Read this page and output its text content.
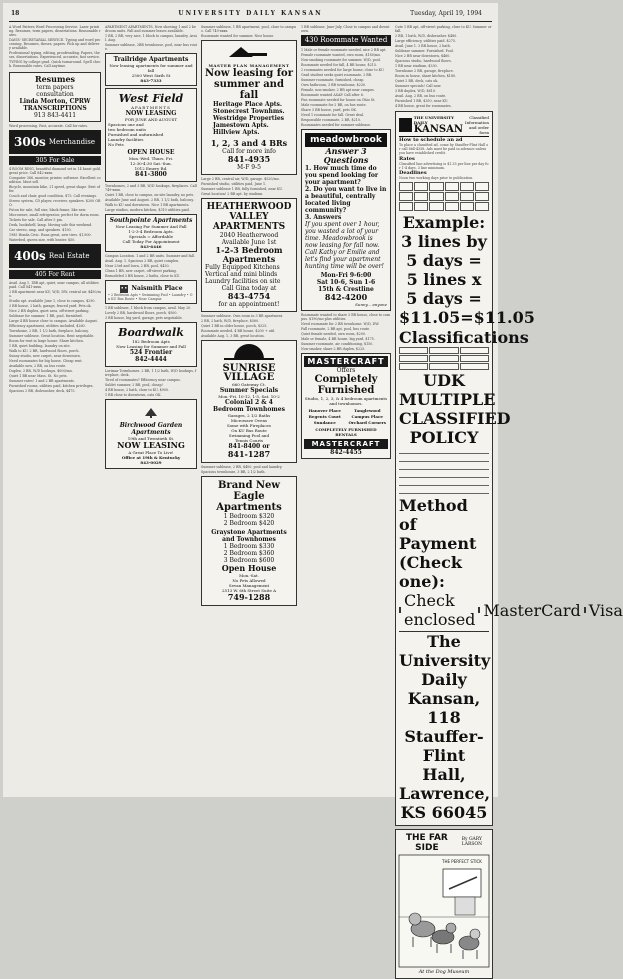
18	UNIVERSITY DAILY KANSAN	Tuesday, April 19, 1994

A Word Pattern Word Processing Service. Laser printing. Resumes, term papers, dissertations. Reasonable rates.

DAVIS' SECRETARIAL SERVICE. Typing and word processing. Resumes, theses, papers. Pick up and delivery available.

Professional typing, editing, proofreading. Papers, theses, dissertations. Experienced, accurate, fast service.

TYPING by college grad. Quick turnaround. Spell check. Reasonable rates. Call anytime.

Resumes
term papers
consultation
Linda Morton, CPRW
TRANSCRIPTIONS
913 843-4411

Word processing. Fast, accurate. Call for rates.

300s Merchandise
305 For Sale

4 ROOM RING, beautiful diamond set in 14 karat gold, great price. Call 842-xxxx.

Computer 386, monitor, printer, software. Excellent condition. Must sell.

Bicycle, mountain bike, 21 speed, great shape. Best offer.

Couch and chair, good condition, $75. Call evenings.

Stereo system, CD player, receiver, speakers. $200 OBO.

Futon for sale, full size, black frame, like new.

Microwave, small refrigerator, perfect for dorm room.

Tickets for sale. Call after 5 pm.

Desk, bookshelf, lamp. Moving sale this weekend.

Car stereo, amp, and speakers. $150.

1985 Honda Civic. Runs great, new tires. $1,800.

Waterbed, queen size, with heater. $50.

400s Real Estate
405 For Rent

Avail. Aug 1. 1BR apt, quiet, near campus, all utilities paid. Call 841-xxxx.

2 BR apartment near KU, W/D, DW, central air. $450/mo.

Studio apt. available June 1, close to campus, $290.

3 BR house, 2 bath, garage, fenced yard. Pets ok.

Nice 2 BR duplex, quiet area, off-street parking.

Sublease for summer, 1 BR, pool, furnished.

Large 4 BR house close to campus. Available August.

Efficiency apartment, utilities included, $260.

Townhome, 2 BR, 1 1/2 bath, fireplace, balcony.

Summer sublease. Great location. Rent negotiable.

Room for rent in large house. Share kitchen.

1 BR, quiet building, laundry on site.

Walk to KU. 2 BR, hardwood floors, porch.

Sunny studio, new carpet, near downtown.

Need roommates for big house. Cheap rent.

Available now, 2 BR, on bus route.

Duplex, 3 BR, W/D hookups, $600/mo.

Quiet 1 BR near Mass. St. No pets.

Summer rates! 1 and 2 BR apartments.

Furnished rooms, utilities paid, kitchen privileges.

Spacious 2 BR, dishwasher, deck, $475.

APARTMENT APARTMENTS. Now showing 1 and 2 bedroom units. Fall and summer leases available.

1 BR, 2 BR, very nice, 1 block to campus, laundry. Avail. Aug.

Summer sublease, 2BR townhouse, pool, near bus route.

Trailridge Apartments
Now leasing apartments for summer and fall
2500 West Sixth St
843-7333
West Field
APARTMENTS
NOW LEASING
FOR JUNE AND AUGUST
Spacious one and
two bedroom units
Furnished and unfurnished
Laundry facilities
No Pets
OPEN HOUSE
Mon.-Wed. Thurs. Fri.
12:30-4:30 Sat.-Sun.
1012 Emery Rd.
841-3800

Townhomes, 2 and 3 BR, W/D hookups, fireplaces. Call 749-xxxx.

Quiet 1 BR, close to campus, on-site laundry, no pets.

Available June and August. 2 BR, 1 1/2 bath, balcony.

Walk to KU and downtown. Nice 1 BR apartments.

Large studios, modern kitchen, $310 utilities paid.

Southpointe Apartments
Now Leasing For Summer And Fall
1-2-3-4 Bedroom Apts.
Specials = Affordable
Call Today For Appointment
843-6446

Campus Location. 1 and 2 BR units. Summer and fall.

Avail. Aug. 1. Spacious 2 BR, quiet complex.

Near 23rd and Iowa, 2 BR, pool, $430.

Clean 1 BR, new carpet, off-street parking.

Remodeled 3 BR house, 2 baths, close to KU.

Naismith Place
• 2 Bedroom Apts • Swimming Pool • Laundry • On KU Bus Route • Near Campus

1 BR sublease, 1 block from campus, avail. May 20.

Lovely 2 BR, hardwood floors, porch. $500.

3 BR house, big yard, garage, pets negotiable.

Boardwalk
182 Bedroom Apts
Now Leasing for Summer and Fall
524 Frontier
842-4444

Lorimar Townhomes. 2 BR, 1 1/2 bath, W/D hookups, fireplace, deck.

Tired of roommates? Efficiency near campus.

Sublet summer, 2 BR, pool, cheap!

4 BR house, 2 bath, close to KU, $900.

1 BR close to downtown, cats OK.

Birchwood Garden Apartments
19th and Twentieth St.
NOW LEASING
A Great Place To Live!
Office at 19th & Kentucky
843-0029

Summer sublease, 1 BR apartment, pool, close to campus. Call 749-xxxx.

Roommate wanted for summer. Nice house.

MASTER PLAN MANAGEMENT
Now leasing for summer and fall
Heritage Place Apts.
Stonecrest Townhms.
Westridge Properties
Jamestown Apts.
Hillview Apts.
1, 2, 3 and 4 BRs
Call for more info
841-4935
M-F 9-5

Large 2 BR, central air, W/D, garage. $520/mo.

Furnished studio, utilities paid, June 1.

Summer sublease 1 BR, fully furnished, near KU.

Great location! 2 BR apt. by stadium.

HEATHERWOOD VALLEY APARTMENTS
2040 Heatherwood
Available June 1st
1-2-3 Bedroom
Apartments
Fully Equipped Kitchens
Vertical and mini blinds
Laundry facilities on site
Call Gina today at
843-4754
for an appointment!

Summer sublease. Own room in 3 BR apartment.

2 BR, 2 bath, W/D, fireplace, $560.

Quiet 1 BR in older house, porch, $325.

Roommate needed, 4 BR house, $200 + util.

Available Aug. 1, 3 BR, great location.

SUNRISE VILLAGE
660 Gateway Ct.
Summer Specials
Mon.-Fri. 10-12, 1-5, Sat. 10-2
Colonial 2 & 4
Bedroom Townhomes
Garages, 2 1/2 Baths
Microwave Ovens
Some with Fireplaces
On KU Bus Route
Swimming Pool and
Tennis Courts
841-8400 or
841-1287

Summer sublease, 2 BR, $400, pool and laundry.

Spacious townhouse, 3 BR, 2 1/2 bath.

Brand New Eagle Apartments
1 Bedroom $320
2 Bedroom $420
Graystone Apartments and Townhomes
1 Bedroom $330
2 Bedroom $360
3 Bedroom $600
Open House
Mon.-Sat.
No Pets Allowed
Sevan Management
2513 W. 6th Street Suite A
749-1288

1 BR sublease. June-July. Close to campus and downtown.

430 Roommate Wanted

1 Male or female roommate needed, nice 2 BR apt.

Female roommate wanted, own room, $180/mo.

Non-smoking roommate for summer, W/D, pool.

Roommate needed for fall, 4 BR house, $215.

2 roommates needed for large house, close to KU.

Grad student seeks quiet roommate, 2 BR.

Summer roommate, furnished, cheap.

Own bathroom, 3 BR townhome, $230.

Female, non-smoker, 2 BR apt near campus.

Roommate wanted ASAP. Call after 6.

Fun roommate needed for house on Ohio St.

Male roommate for 2 BR, on bus route.

Share 3 BR house, yard, pets OK.

Need 1 roommate for fall. Great deal.

Responsible roommate, 2 BR, $210.

Roommates needed for summer sublease.

meadowbrook
Answer 3 Questions
1. How much time do you spend looking for your apartment?
2. Do you want to live in a beautiful, centrally located living community?
3. Answers
If you spent over 1 hour, you wasted a lot of your time. Meadowbrook is now leasing for fall now. Call Kathy or Emilie and let's find your apartment hunting time will be over!
Mon-Fri 9-6:00
Sat 10-6, Sun 1-6
15th & Crestline
842-4200
Sunny... anyone

Roommate wanted to share 3 BR house, close to campus. $190/mo plus utilities.

Need roommate for 2 BR townhome. W/D, DW.

Fall roommate, 2 BR apt, pool, bus route.

Quiet female needed, own room, $200.

Male or female, 4 BR house, big yard, $175.

Summer roommate, air conditioning, $150.

Non-smoker, share 2 BR duplex, $225.

MASTERCRAFT
Offers
Completely Furnished
Studio, 1, 2, 3, & 4 bedroom apartments and townhomes.
Hanover Place	Tanglewood
Regents Court	Campus Place
Sundance	Orchard Corners
COMPLETELY FURNISHED RENTALS
MASTERCRAFT
842-4455

Cute 1 BR apt, off-street parking, close to KU. Summer or fall.

2 BR, 1 bath, W/D, dishwasher. $480.

Large efficiency, utilities paid. $275.

Avail. June 1. 3 BR house, 2 bath.

Sublease summer. Furnished. Pool.

Nice 2 BR near downtown, $460.

Spacious studio, hardwood floors.

1 BR near stadium, $330.

Townhome 2 BR, garage, fireplace.

Room in house, share kitchen, $180.

Quiet 2 BR, deck, cats ok.

Summer specials! Call now.

3 BR duplex, W/D, $610.

Avail. Aug. 2 BR, on bus route.

Furnished 1 BR, $350, near KU.

4 BR house, great for roommates.

THE UNIVERSITY DAILY
KANSAN
Classified Information and order form
How to schedule an ad
To place a classified ad, come by Stauffer-Flint Hall or call 864-4358. Ads must be paid in advance unless you have established credit.
Rates
Classified line advertising is $1.35 per line per day for 1-4 days. 3 line minimum.
Deadlines
Noon two working days prior to publication.
Example: 3 lines by 5 days = 5 lines x 5 days = $11.05=$11.05
Classifications
UDK MULTIPLE CLASSIFIED POLICY
Method of Payment (Check one):
Check enclosed MasterCard Visa
The University Daily Kansan, 118 Stauffer-Flint Hall, Lawrence, KS 66045
THE FAR SIDE
By GARY LARSON
THE PERFECT STICK
At the Dog Museum
